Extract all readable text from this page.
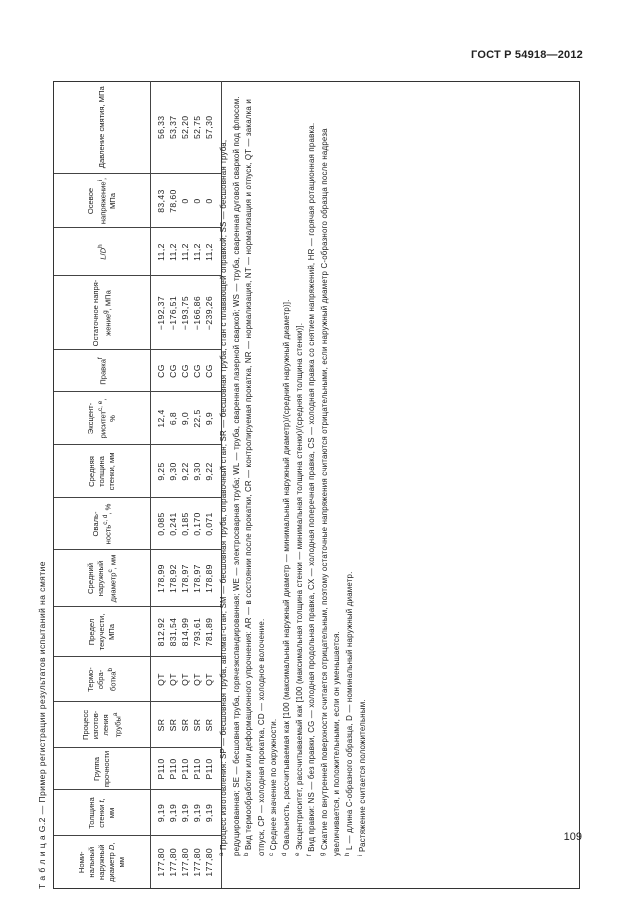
ГОСТ Р 54918—2012
Т а б л и ц а G.2 — Пример регистрации результатов испытаний на смятие	Номинальный наружный диаметр D, мм	Толщина стенки t, мм	Группа прочности	Процесс изготовления трубы$^a$	Термообработка$^b$	Предел текучести, МПа	Средний наружный диаметр$^c$, мм	Овальность$^{c, d}$, %	Средняя толщина стенки, мм	Эксцентриситет$^{c, e}$, %	Правка$^f$	Остаточное напряжение$^g$, МПа	$L/D^h$	Осевое напряжение$^i$, МПа	Давление смятия, МПа
177,80	9,19	P110	SR	QT	812,92	178,99	0,085	9,25	12,4	CG	−192,37	11,2	83,43	56,33
177,80	9,19	P110	SR	QT	831,54	178,92	0,241	9,30	6,8	CG	−176,51	11,2	78,60	53,37
177,80	9,19	P110	SR	QT	814,99	178,97	0,185	9,22	9,0	CG	−193,75	11,2	0	52,20
177,80	9,19	P110	SR	QT	793,61	178,97	0,170	9,30	22,5	CG	−166,86	11,2	0	52,75
177,80	9,19	P110	SR	QT	781,89	178,89	0,071	9,22	9,9	CG	−239,26	11,2	0	57,30

$^a$ Процесс изготовления: SP — бесшовная труба, автомат-стан; SM — бесшовная труба, оправочный стан; SR — бесшовная труба, стан с плавающей оправкой; SS — бесшовная труба, редуцированная; SE — бесшовная труба, горячеэкспандированная; WE — электросварная труба; WL — труба, сваренная лазерной сваркой; WS — труба, сваренная дуговой сваркой под флюсом. $^b$ Вид термообработки или деформационного упрочнения: AR — в состоянии после прокатки, CR — контролируемая прокатка, NR — нормализация, NT — нормализация и отпуск, QT — закалка и отпуск, CP — холодная прокатка, CD — холодное волочение. $^c$ Среднее значение по окружности.

$^d$ Овальность, рассчитываемая как [100 (максимальный наружный диаметр — минимальный наружный диаметр)/(средний наружный диаметр)].

$^e$ Эксцентриситет, рассчитываемый как [100 (максимальная толщина стенки — минимальная толщина стенки)/(средняя толщина стенки)].

$^f$ Вид правки: NS — без правки, CG — холодная продольная правка, CX — холодная поперечная правка, CS — холодная правка со снятием напряжений, HR — горячая ротационная правка.

$^g$ Сжатие по внутренней поверхности считается отрицательным, поэтому остаточные напряжения считаются отрицательными, если наружный диаметр С-образного образца после надреза увеличивается, и положительными, если он уменьшается. $^h$ L — длина С-образного образца, D — номинальный наружный диаметр.

$^i$ Растяжение считается положительным.	109
